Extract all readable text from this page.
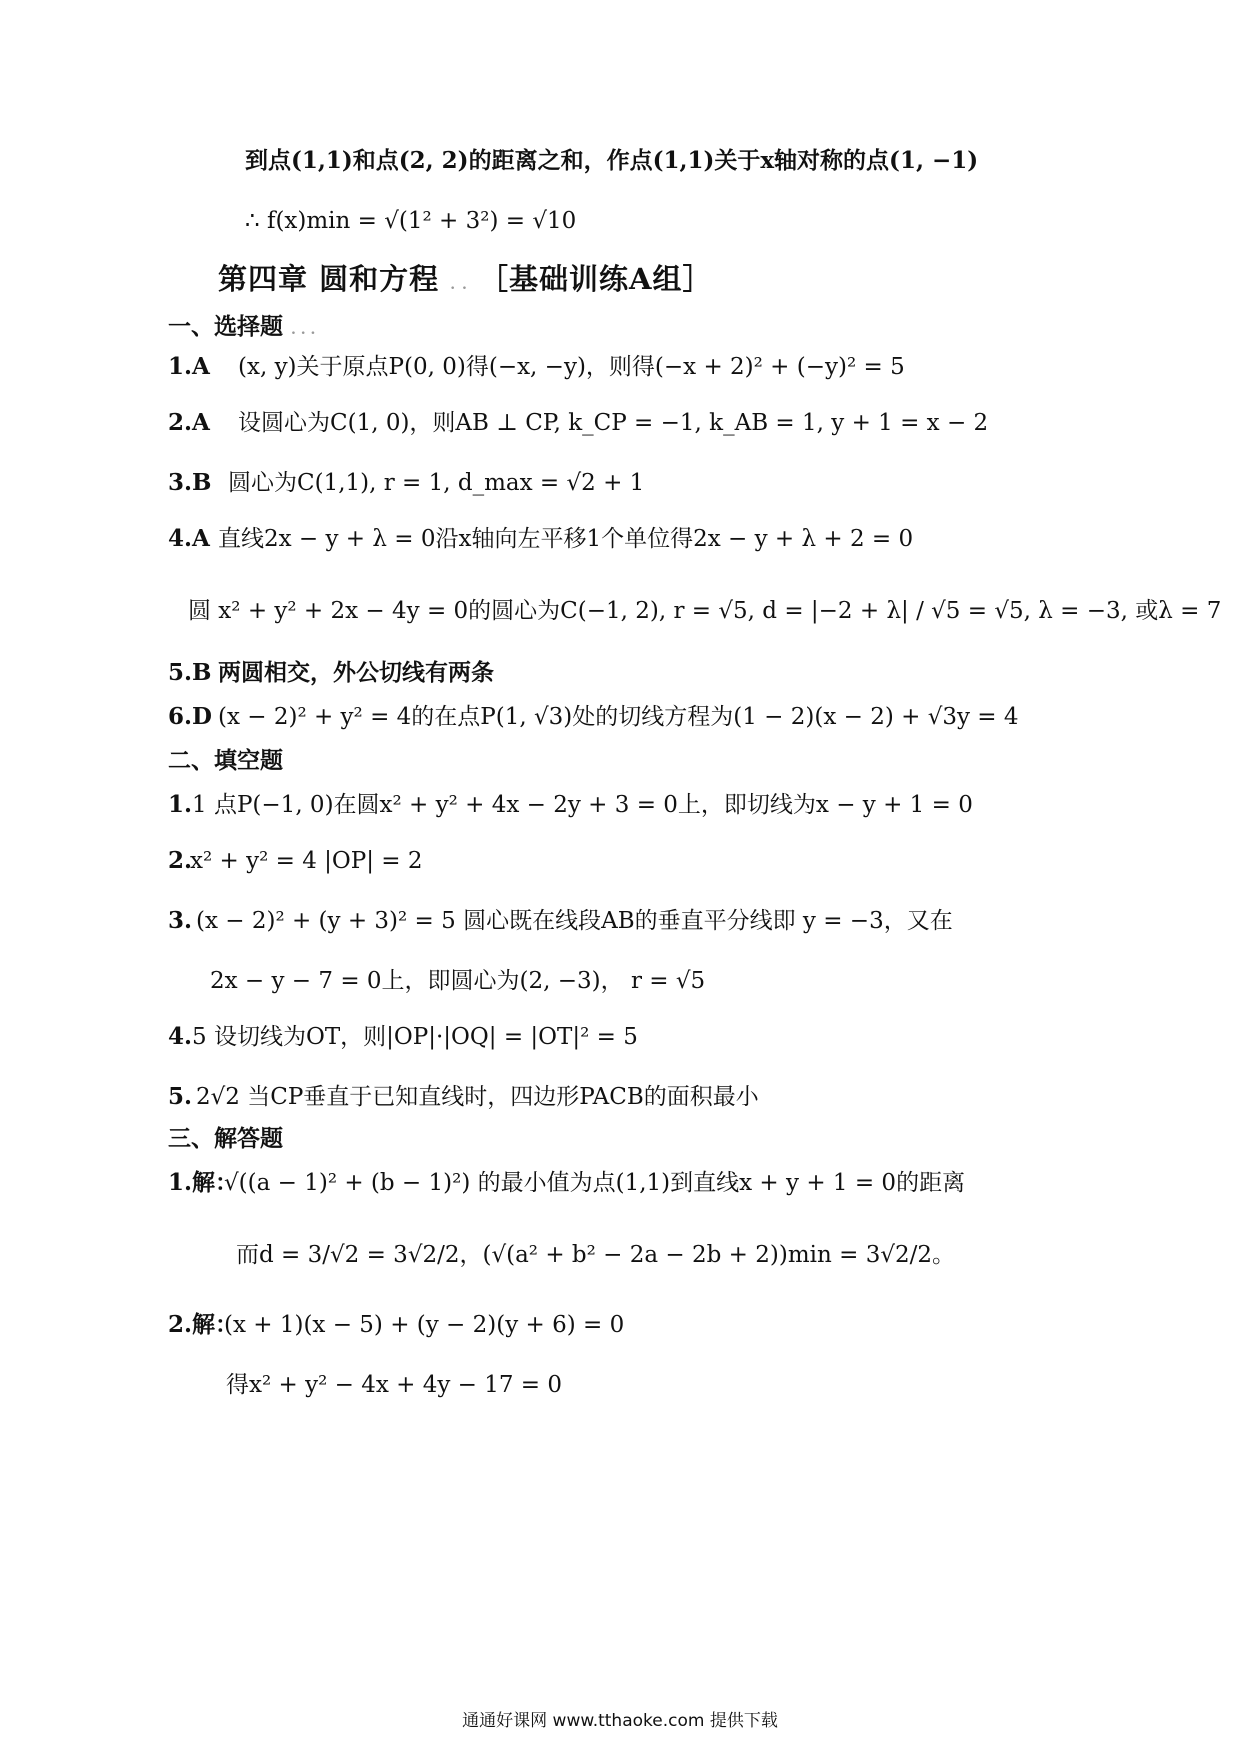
到点(1,1)和点(2, 2)的距离之和，作点(1,1)关于x轴对称的点(1, −1)
∴ f(x)min = √(1² + 3²) = √10
第四章 圆和方程 . . ［基础训练A组］
一、选择题 . . .
1.A (x, y)关于原点P(0, 0)得(−x, −y)，则得(−x + 2)² + (−y)² = 5
2.A 设圆心为C(1, 0)，则AB ⊥ CP, k_CP = −1, k_AB = 1, y + 1 = x − 2
3.B 圆心为C(1,1), r = 1, d_max = √2 + 1
4.A 直线2x − y + λ = 0沿x轴向左平移1个单位得2x − y + λ + 2 = 0
圆 x² + y² + 2x − 4y = 0的圆心为C(−1, 2), r = √5, d = |−2 + λ| / √5 = √5, λ = −3, 或λ = 7
5.B 两圆相交，外公切线有两条
6.D (x − 2)² + y² = 4的在点P(1, √3)处的切线方程为(1 − 2)(x − 2) + √3y = 4
二、填空题
1.1 点P(−1, 0)在圆x² + y² + 4x − 2y + 3 = 0上，即切线为x − y + 1 = 0
2.x² + y² = 4 |OP| = 2
3. (x − 2)² + (y + 3)² = 5 圆心既在线段AB的垂直平分线即 y = −3，又在
2x − y − 7 = 0上，即圆心为(2, −3)， r = √5
4.5 设切线为OT，则|OP|·|OQ| = |OT|² = 5
5. 2√2 当CP垂直于已知直线时，四边形PACB的面积最小
三、解答题
1.解：√((a − 1)² + (b − 1)²) 的最小值为点(1,1)到直线x + y + 1 = 0的距离
而d = 3/√2 = 3√2/2，(√(a² + b² − 2a − 2b + 2))min = 3√2/2。
2.解：(x + 1)(x − 5) + (y − 2)(y + 6) = 0
得x² + y² − 4x + 4y − 17 = 0
通通好课网 www.tthaoke.com 提供下载
